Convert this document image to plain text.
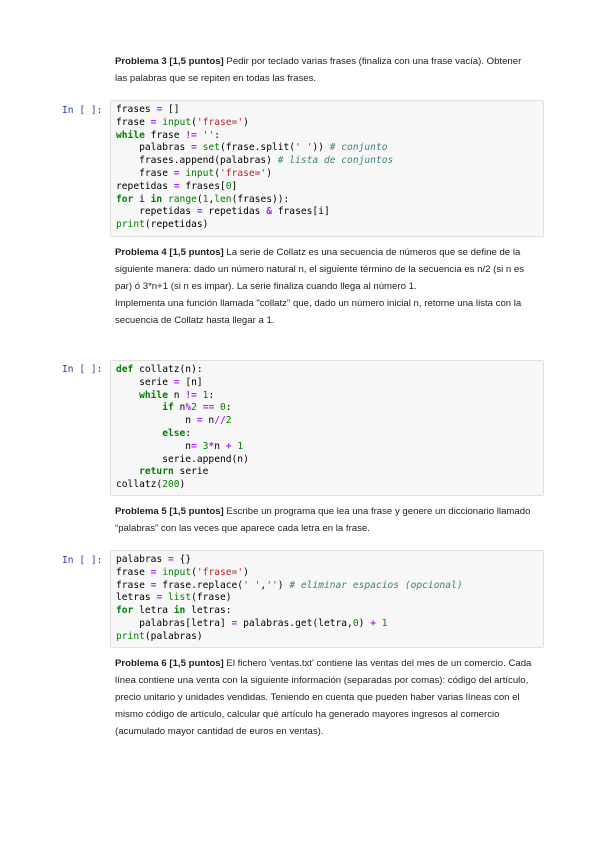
Problema 3 [1,5 puntos] Pedir por teclado varias frases (finaliza con una frase vacía). Obtener las palabras que se repiten en todas las frases.

In [ ]: frases = []
frase = input('frase=')
while frase != '':
palabras = set(frase.split(' ')) # conjunto
frases.append(palabras) # lista de conjuntos
frase = input('frase=')
repetidas = frases[0]
for i in range(1,len(frases)):
repetidas = repetidas & frases[i]
print(repetidas)

Problema 4 [1,5 puntos] La serie de Collatz es una secuencia de números que se define de la siguiente manera: dado un número natural n, el siguiente término de la secuencia es n/2 (si n es par) ó 3*n+1 (si n es impar). La serie finaliza cuando llega al número 1.

Implementa una función llamada "collatz" que, dado un número inicial n, retorne una lista con la secuencia de Collatz hasta llegar a 1.

In [ ]: def collatz(n):
serie = [n]
while n != 1:
if n%2 == 0:
n = n//2
else:
n= 3*n + 1
serie.append(n)
return serie
collatz(200)

Problema 5 [1,5 puntos] Escribe un programa que lea una frase y genere un diccionario llamado “palabras” con las veces que aparece cada letra en la frase.

In [ ]: palabras = {}
frase = input('frase=')
frase = frase.replace(' ','') # eliminar espacios (opcional)
letras = list(frase)
for letra in letras:
palabras[letra] = palabras.get(letra,0) + 1
print(palabras)

Problema 6 [1,5 puntos] El fichero 'ventas.txt' contiene las ventas del mes de un comercio. Cada línea contiene una venta con la siguiente información (separadas por comas): código del artículo, precio unitario y unidades vendidas. Teniendo en cuenta que pueden haber varias líneas con el mismo código de artículo, calcular qué artículo ha generado mayores ingresos al comercio (acumulado mayor cantidad de euros en ventas).
